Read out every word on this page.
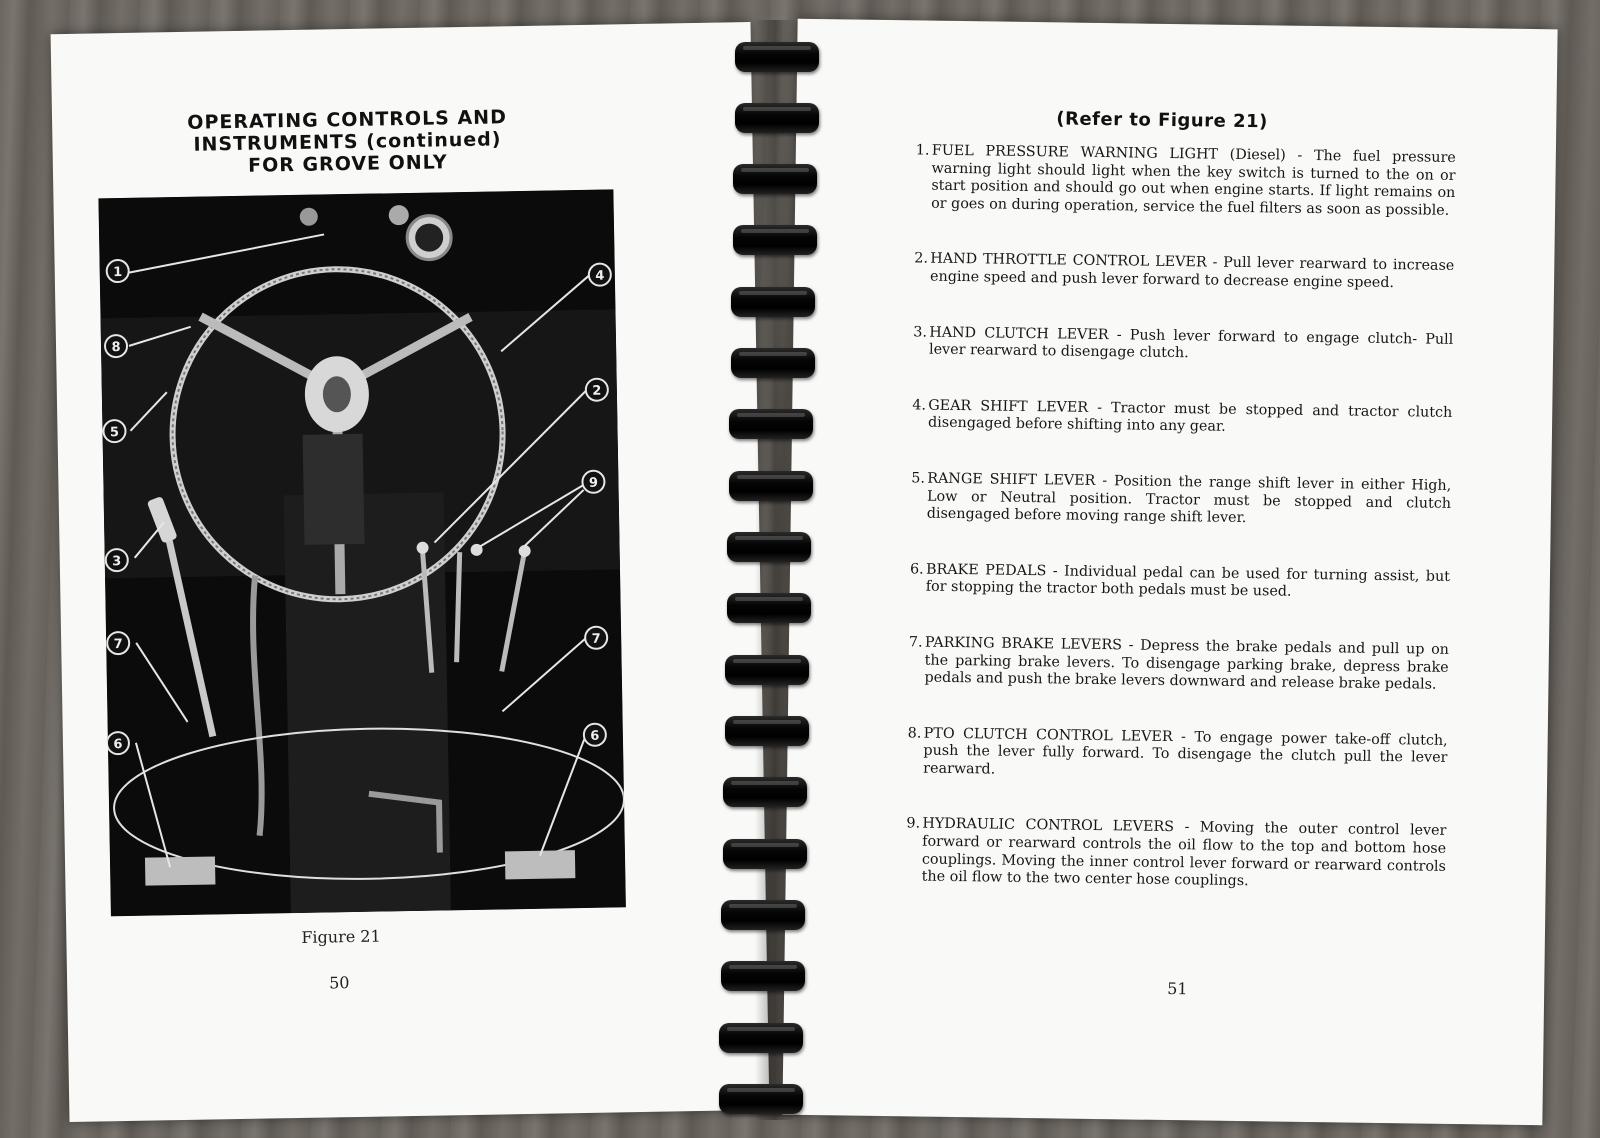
OPERATING CONTROLS AND
INSTRUMENTS (continued)
FOR GROVE ONLY
1
8
5
3
7
6
4
2
9
7
6
Figure 21
50
(Refer to Figure 21)
1. FUEL PRESSURE WARNING LIGHT (Diesel) - The fuel pressure warning light should light when the key switch is turned to the on or start position and should go out when engine starts. If light remains on or goes on during operation, service the fuel filters as soon as possible.
2. HAND THROTTLE CONTROL LEVER - Pull lever rearward to increase engine speed and push lever forward to decrease engine speed.
3. HAND CLUTCH LEVER - Push lever forward to engage clutch- Pull lever rearward to disengage clutch.
4. GEAR SHIFT LEVER - Tractor must be stopped and tractor clutch disengaged before shifting into any gear.
5. RANGE SHIFT LEVER - Position the range shift lever in either High, Low or Neutral position. Tractor must be stopped and clutch disengaged before moving range shift lever.
6. BRAKE PEDALS - Individual pedal can be used for turning assist, but for stopping the tractor both pedals must be used.
7. PARKING BRAKE LEVERS - Depress the brake pedals and pull up on the parking brake levers. To disengage parking brake, depress brake pedals and push the brake levers downward and release brake pedals.
8. PTO CLUTCH CONTROL LEVER - To engage power take-off clutch, push the lever fully forward. To disengage the clutch pull the lever rearward.
9. HYDRAULIC CONTROL LEVERS - Moving the outer control lever forward or rearward controls the oil flow to the top and bottom hose couplings. Moving the inner control lever forward or rearward controls the oil flow to the two center hose couplings.
51
